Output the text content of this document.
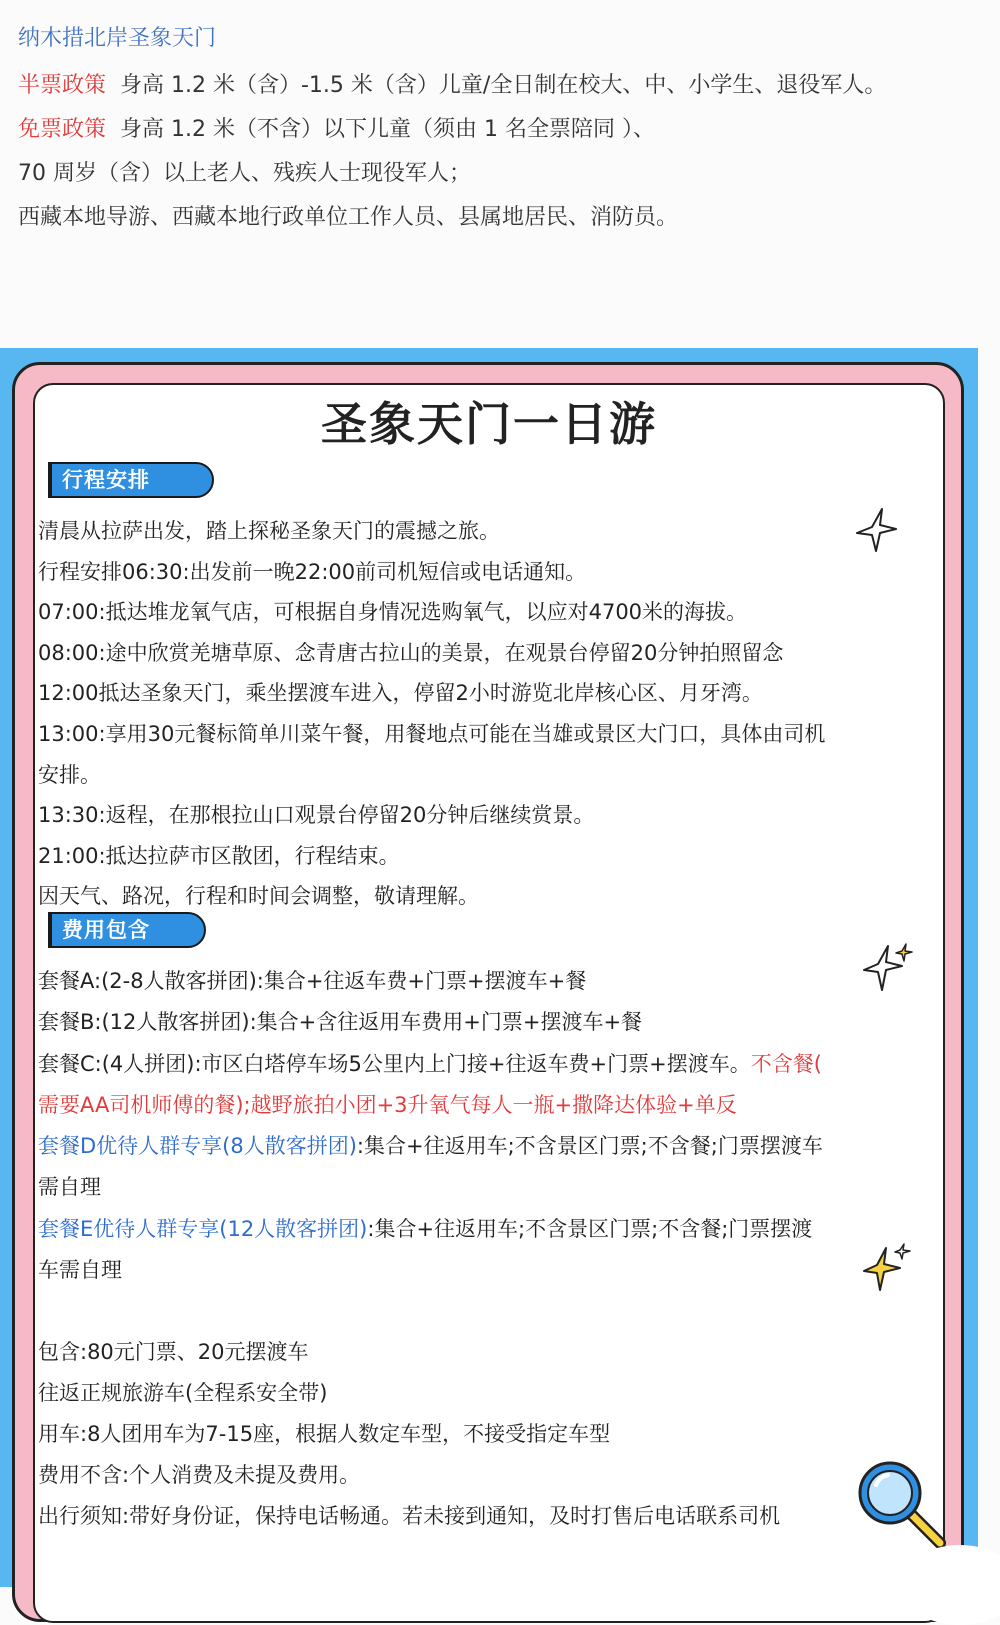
纳木措北岸圣象天门
半票政策 身高 1.2 米（含）-1.5 米（含）儿童/全日制在校大、中、小学生、退役军人。
免票政策 身高 1.2 米（不含）以下儿童（须由 1 名全票陪同 ）、
70 周岁（含）以上老人、残疾人士现役军人；
西藏本地导游、西藏本地行政单位工作人员、县属地居民、消防员。
圣象天门一日游
行程安排
清晨从拉萨出发，踏上探秘圣象天门的震撼之旅。
行程安排06:30:出发前一晚22:00前司机短信或电话通知。
07:00:抵达堆龙氧气店，可根据自身情况选购氧气，以应对4700米的海拔。
08:00:途中欣赏羌塘草原、念青唐古拉山的美景，在观景台停留20分钟拍照留念
12:00抵达圣象天门，乘坐摆渡车进入，停留2小时游览北岸核心区、月牙湾。
13:00:享用30元餐标简单川菜午餐，用餐地点可能在当雄或景区大门口，具体由司机
安排。
13:30:返程，在那根拉山口观景台停留20分钟后继续赏景。
21:00:抵达拉萨市区散团，行程结束。
因天气、路况，行程和时间会调整，敬请理解。
费用包含
套餐A:(2-8人散客拼团):集合+往返车费+门票+摆渡车+餐
套餐B:(12人散客拼团):集合+含往返用车费用+门票+摆渡车+餐
套餐C:(4人拼团):市区白塔停车场5公里内上门接+往返车费+门票+摆渡车。不含餐(
需要AA司机师傅的餐);越野旅拍小团+3升氧气每人一瓶+撒降达体验+单反
套餐D优待人群专享(8人散客拼团):集合+往返用车;不含景区门票;不含餐;门票摆渡车
需自理
套餐E优待人群专享(12人散客拼团):集合+往返用车;不含景区门票;不含餐;门票摆渡
车需自理
包含:80元门票、20元摆渡车
往返正规旅游车(全程系安全带)
用车:8人团用车为7-15座，根据人数定车型，不接受指定车型
费用不含:个人消费及未提及费用。
出行须知:带好身份证，保持电话畅通。若未接到通知，及时打售后电话联系司机
